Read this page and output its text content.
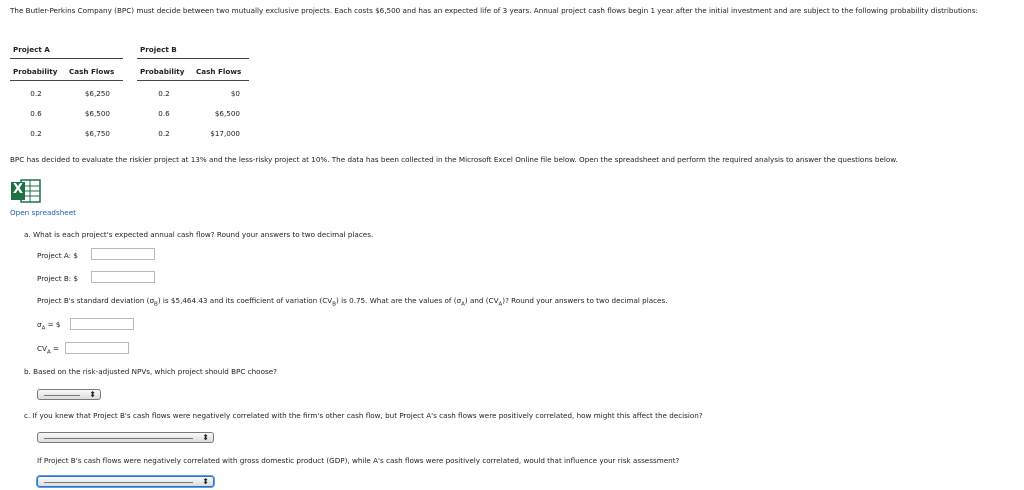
The Butler-Perkins Company (BPC) must decide between two mutually exclusive projects. Each costs $6,500 and has an expected life of 3 years. Annual project cash flows begin 1 year after the initial investment and are subject to the following probability distributions:
Project A
Probability Cash Flows
0.2	$6,250
0.6	$6,500
0.2	$6,750
Project B
Probability Cash Flows
0.2	$0
0.6	$6,500
0.2	$17,000
BPC has decided to evaluate the riskier project at 13% and the less-risky project at 10%. The data has been collected in the Microsoft Excel Online file below. Open the spreadsheet and perform the required analysis to answer the questions below.
X
Open spreadsheet
a. What is each project's expected annual cash flow? Round your answers to two decimal places.
Project A: $
Project B: $
Project B's standard deviation $(\sigma_B)$ is $5,464.43 and its coefficient of variation $(CV_B)$ is 0.75. What are the values of $(\sigma_A)$ and $(CV_A)$? Round your answers to two decimal places.
$\sigma_A$ = $
$CV_A$ =
b. Based on the risk-adjusted NPVs, which project should BPC choose?
⬍
c. If you knew that Project B's cash flows were negatively correlated with the firm's other cash flow, but Project A's cash flows were positively correlated, how might this affect the decision?
⬍
If Project B's cash flows were negatively correlated with gross domestic product (GDP), while A's cash flows were positively correlated, would that influence your risk assessment?
⬍
